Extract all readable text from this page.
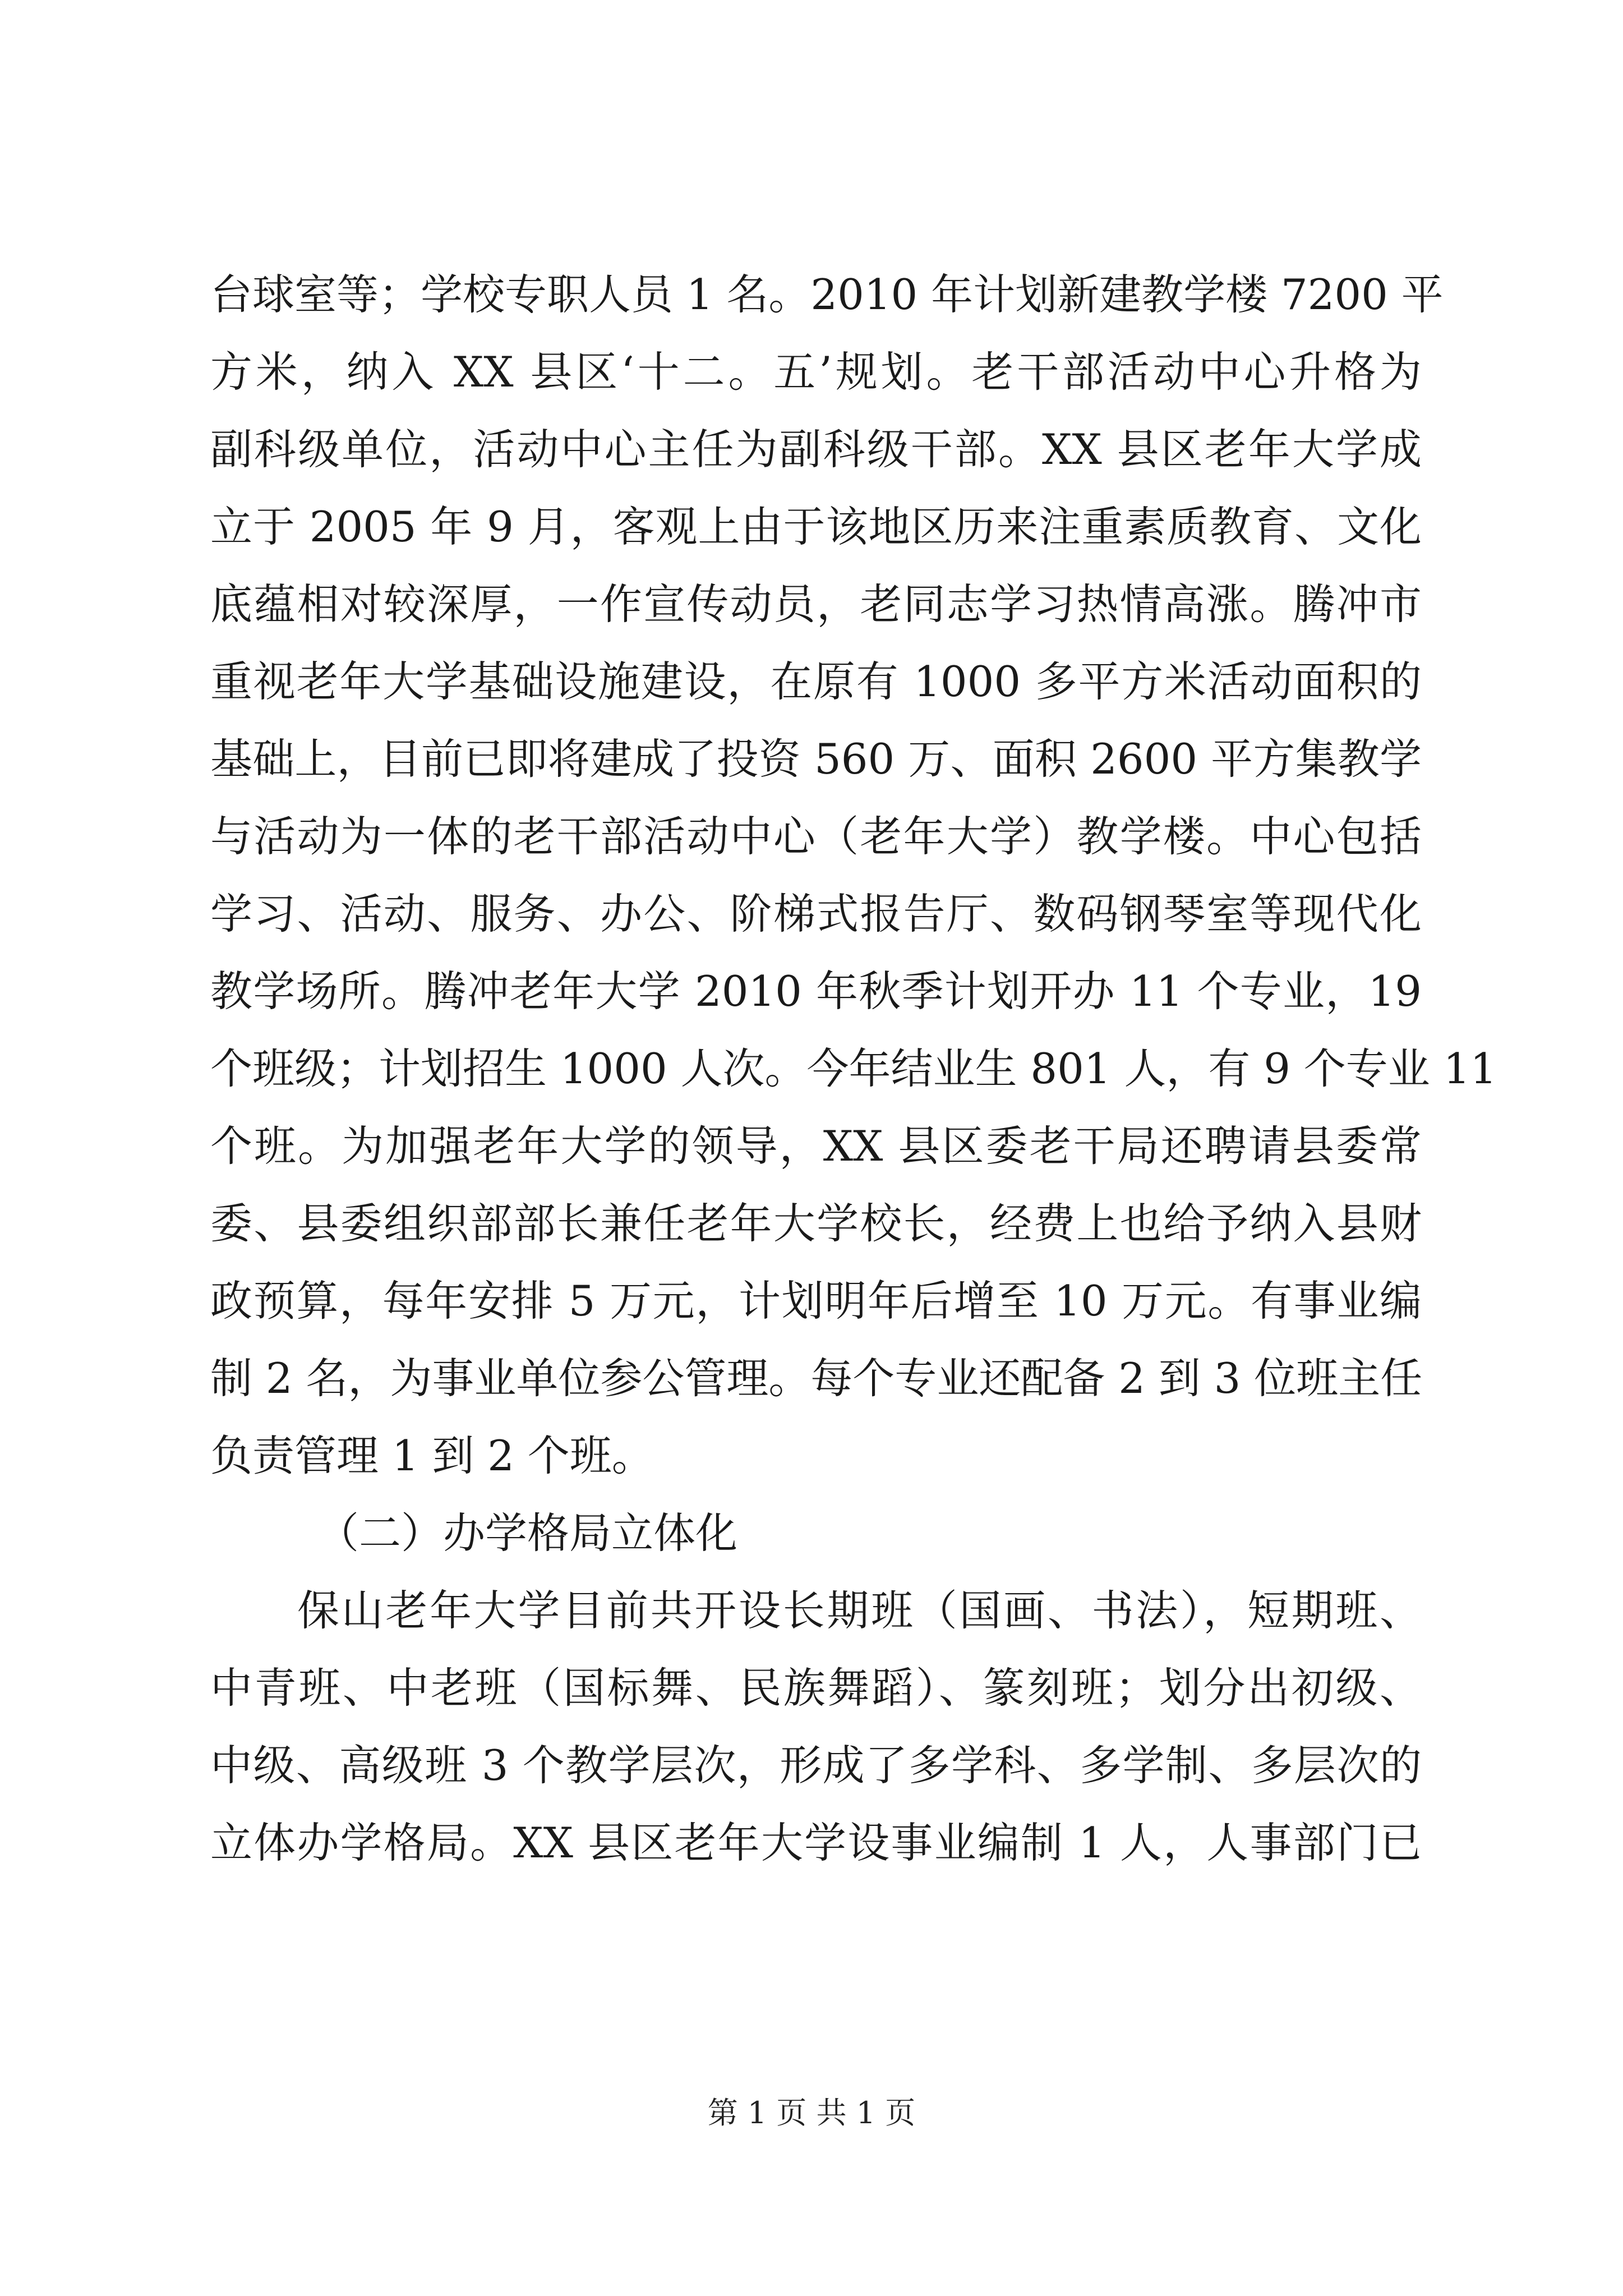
台球室等；学校专职人员 1 名。2010 年计划新建教学楼 7200 平
方米，纳入 XX 县区‘十二。五’规划。老干部活动中心升格为
副科级单位，活动中心主任为副科级干部。XX 县区老年大学成
立于 2005 年 9 月，客观上由于该地区历来注重素质教育、文化
底蕴相对较深厚，一作宣传动员，老同志学习热情高涨。腾冲市
重视老年大学基础设施建设，在原有 1000 多平方米活动面积的
基础上，目前已即将建成了投资 560 万、面积 2600 平方集教学
与活动为一体的老干部活动中心（老年大学）教学楼。中心包括
学习、活动、服务、办公、阶梯式报告厅、数码钢琴室等现代化
教学场所。腾冲老年大学 2010 年秋季计划开办 11 个专业，19
个班级；计划招生 1000 人次。今年结业生 801 人，有 9 个专业 11
个班。为加强老年大学的领导，XX 县区委老干局还聘请县委常
委、县委组织部部长兼任老年大学校长，经费上也给予纳入县财
政预算，每年安排 5 万元，计划明年后增至 10 万元。有事业编
制 2 名，为事业单位参公管理。每个专业还配备 2 到 3 位班主任
负责管理 1 到 2 个班。
（二）办学格局立体化
保山老年大学目前共开设长期班（国画、书法），短期班、
中青班、中老班（国标舞、民族舞蹈）、篆刻班；划分出初级、
中级、高级班 3 个教学层次，形成了多学科、多学制、多层次的
立体办学格局。XX 县区老年大学设事业编制 1 人，人事部门已
第 1 页 共 1 页
